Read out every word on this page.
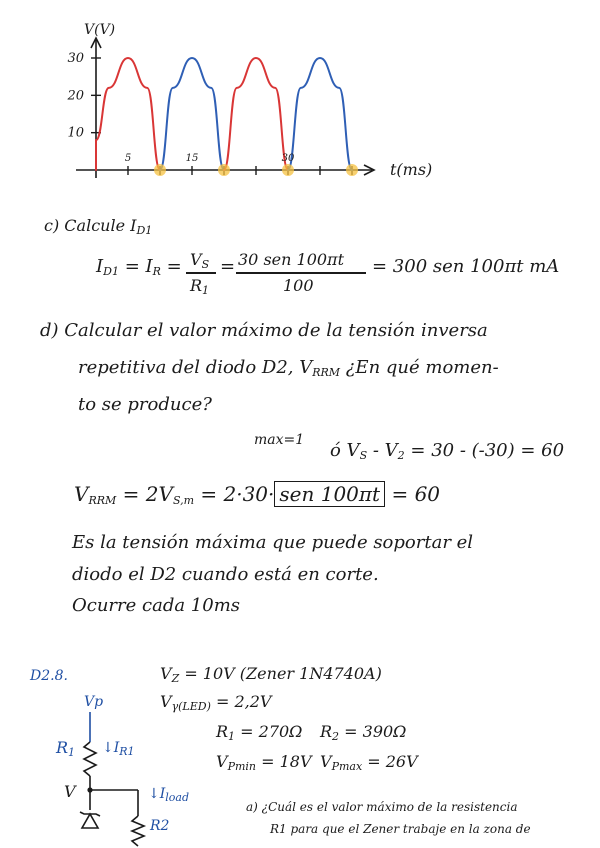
10
20
30
5	15	30
V(V)
t(ms)
c) Calcule $I_{D1}$
$I_{D1} = I_R = V_S$
$R_1$
= 30 sen 100πt
100
= 300 sen 100πt mA
d) Calcular el valor máximo de la tensión inversa
repetitiva del diodo D2, $V_{RRM}$ ¿En qué momen-
to se produce?
max=1 ó $V_S - V_2 = 30 - (-30) = 60$
$V_{RRM} = 2V_{S,m} = 2\cdot 30\cdot$ sen 100πt = 60
Es la tensión máxima que puede soportar el
diodo el D2 cuando está en corte.
Ocurre cada 10ms
D2.8.	$V_Z = 10V$ (Zener 1N4740A)
$V_{\gamma(LED)} = 2,2V$
$R_1 = 270\Omega$ $R_2 = 390\Omega$
$V_{Pmin} = 18V$ $V_{Pmax} = 26V$
a) ¿Cuál es el valor máximo de la resistencia
R1 para que el Zener trabaje en la zona de
Vp
$R_1$ $↓I_{R1}$
V	$↓I_{load}$
R2
